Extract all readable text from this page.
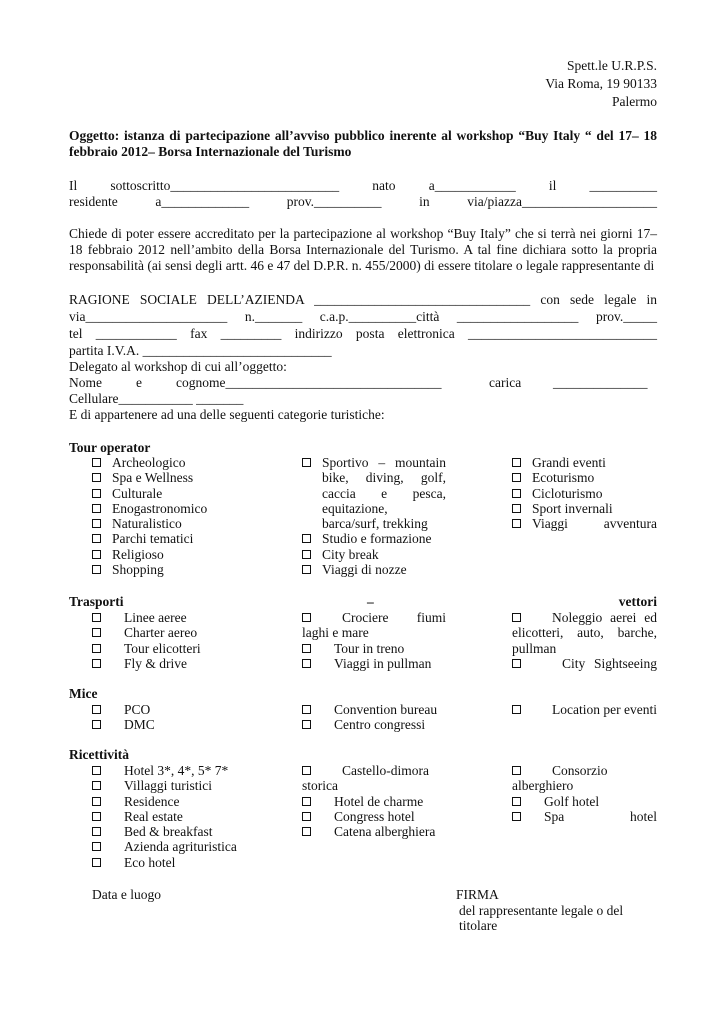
Spett.le U.R.P.S.
Via Roma, 19 90133
Palermo
Oggetto: istanza di partecipazione all’avviso pubblico inerente al workshop “Buy Italy “ del 17– 18 febbraio 2012– Borsa Internazionale del Turismo
Il sottoscritto_________________________ nato a____________ il __________
residente a_____________ prov.__________ in via/piazza____________________
Chiede di poter essere accreditato per la partecipazione al workshop “Buy Italy” che si terrà nei giorni 17–18 febbraio 2012 nell’ambito della Borsa Internazionale del Turismo. A tal fine dichiara sotto la propria responsabilità (ai sensi degli artt. 46 e 47 del D.P.R. n. 455/2000) di essere titolare o legale rappresentante di
RAGIONE SOCIALE DELL’AZIENDA ________________________________ con sede legale in
via_____________________ n._______ c.a.p.__________città __________________ prov._____
tel ____________ fax _________ indirizzo posta elettronica ____________________________
partita I.V.A. ____________________________
Delegato al workshop di cui all’oggetto:
Nome	e	cognome________________________________	carica ______________
Cellulare___________ _______
E di appartenere ad una delle seguenti categorie turistiche:
Tour operator
Archeologico
Spa e Wellness
Culturale
Enogastronomico
Naturalistico
Parchi tematici
Religioso
Shopping
Sportivo – mountain bike, diving, golf, caccia e pesca, equitazione, barca/surf, trekking
Studio e formazione
City break
Viaggi di nozze
Grandi eventi
Ecoturismo
Cicloturismo
Sport invernali
Viaggi avventura
Trasporti	–	vettori
Linee aeree
Charter aereo
Tour elicotteri
Fly & drive
Crociere fiumi laghi e mare
Tour in treno
Viaggi in pullman
Noleggio aerei ed elicotteri, auto, barche, pullman
City Sightseeing
Mice
PCO
DMC
Convention bureau
Centro congressi
Location per eventi
Ricettività
Hotel 3*, 4*, 5* 7*
Villaggi turistici
Residence
Real estate
Bed & breakfast
Azienda agrituristica
Eco hotel
Castello-dimora storica
Hotel de charme
Congress hotel
Catena alberghiera
Consorzio alberghiero
Golf hotel
Spa hotel
Data e luogo	FIRMA
del rappresentante legale o del titolare
